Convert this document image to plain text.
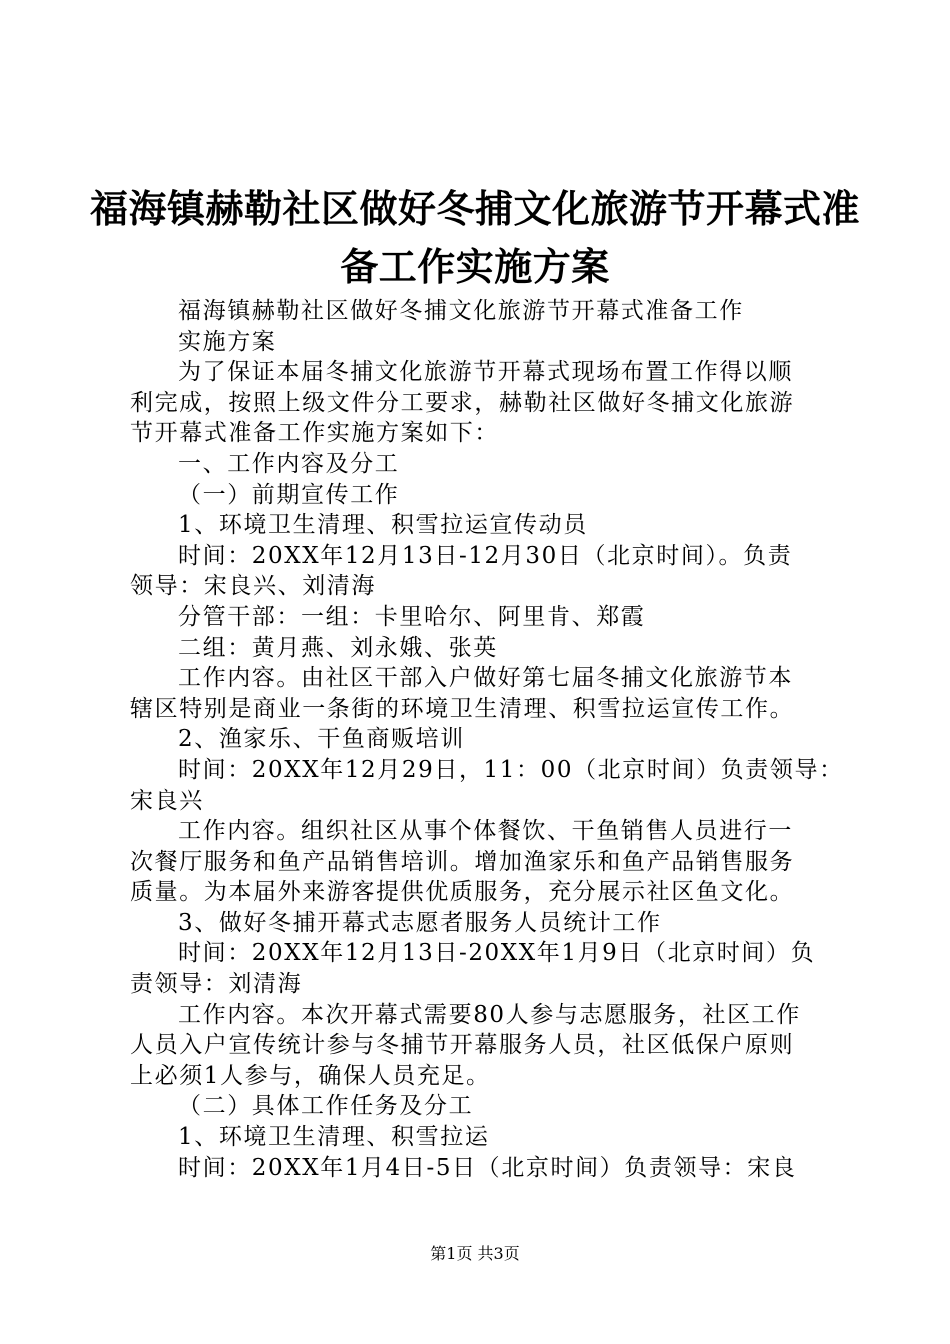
福海镇赫勒社区做好冬捕文化旅游节开幕式准
备工作实施方案
福海镇赫勒社区做好冬捕文化旅游节开幕式准备工作
实施方案
为了保证本届冬捕文化旅游节开幕式现场布置工作得以顺
利完成，按照上级文件分工要求，赫勒社区做好冬捕文化旅游
节开幕式准备工作实施方案如下：
一、工作内容及分工
（一）前期宣传工作
1、环境卫生清理、积雪拉运宣传动员
时间：20XX年12月13日-12月30日（北京时间）。负责
领导：宋良兴、刘清海
分管干部：一组：卡里哈尔、阿里肯、郑霞
二组：黄月燕、刘永娥、张英
工作内容。由社区干部入户做好第七届冬捕文化旅游节本
辖区特别是商业一条街的环境卫生清理、积雪拉运宣传工作。
2、渔家乐、干鱼商贩培训
时间：20XX年12月29日，11：00（北京时间）负责领导：
宋良兴
工作内容。组织社区从事个体餐饮、干鱼销售人员进行一
次餐厅服务和鱼产品销售培训。增加渔家乐和鱼产品销售服务
质量。为本届外来游客提供优质服务，充分展示社区鱼文化。
3、做好冬捕开幕式志愿者服务人员统计工作
时间：20XX年12月13日-20XX年1月9日（北京时间）负
责领导：刘清海
工作内容。本次开幕式需要80人参与志愿服务，社区工作
人员入户宣传统计参与冬捕节开幕服务人员，社区低保户原则
上必须1人参与，确保人员充足。
（二）具体工作任务及分工
1、环境卫生清理、积雪拉运
时间：20XX年1月4日-5日（北京时间）负责领导：宋良
第1页 共3页
